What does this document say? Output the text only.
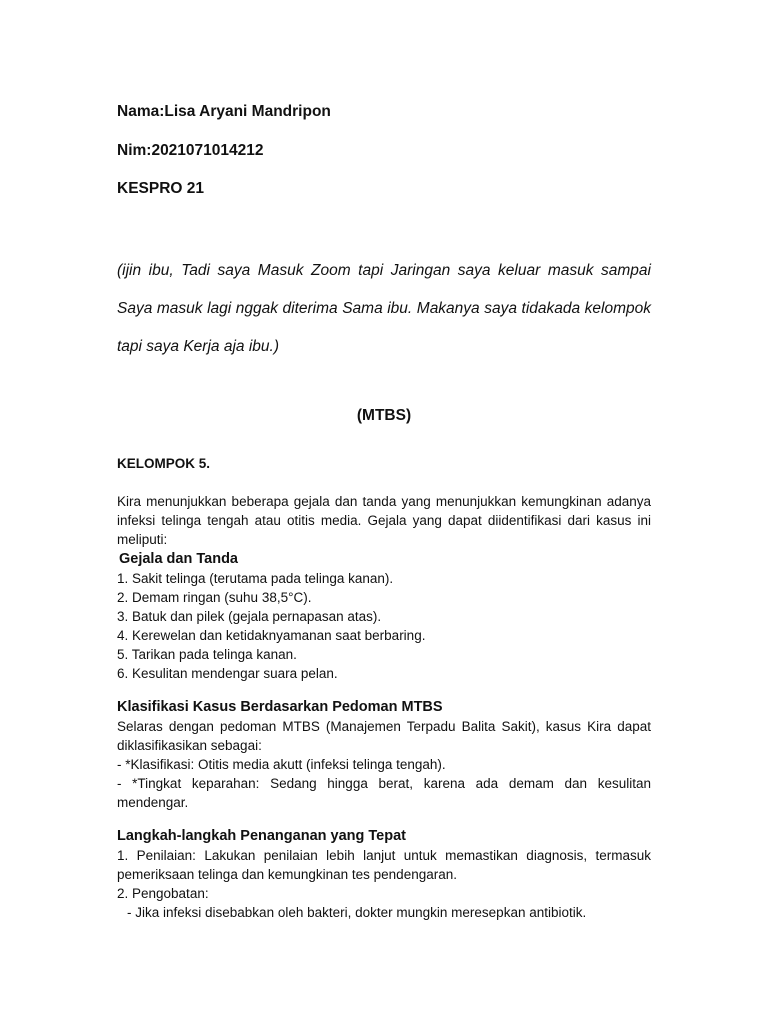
Nama:Lisa Aryani Mandripon
Nim:2021071014212
KESPRO 21
(ijin ibu, Tadi saya Masuk Zoom tapi Jaringan saya keluar masuk sampai Saya masuk lagi nggak diterima Sama ibu. Makanya saya tidakada kelompok tapi saya Kerja aja ibu.)
(MTBS)
KELOMPOK 5.

Kira menunjukkan beberapa gejala dan tanda yang menunjukkan kemungkinan adanya infeksi telinga tengah atau otitis media. Gejala yang dapat diidentifikasi dari kasus ini meliputi:

Gejala dan Tanda

1. Sakit telinga (terutama pada telinga kanan).

2. Demam ringan (suhu 38,5°C).

3. Batuk dan pilek (gejala pernapasan atas).

4. Kerewelan dan ketidaknyamanan saat berbaring.

5. Tarikan pada telinga kanan.

6. Kesulitan mendengar suara pelan.

Klasifikasi Kasus Berdasarkan Pedoman MTBS

Selaras dengan pedoman MTBS (Manajemen Terpadu Balita Sakit), kasus Kira dapat diklasifikasikan sebagai:

- *Klasifikasi: Otitis media akutt (infeksi telinga tengah).

- *Tingkat keparahan: Sedang hingga berat, karena ada demam dan kesulitan mendengar.

Langkah-langkah Penanganan yang Tepat

1. Penilaian: Lakukan penilaian lebih lanjut untuk memastikan diagnosis, termasuk pemeriksaan telinga dan kemungkinan tes pendengaran.

2. Pengobatan:

- Jika infeksi disebabkan oleh bakteri, dokter mungkin meresepkan antibiotik.
